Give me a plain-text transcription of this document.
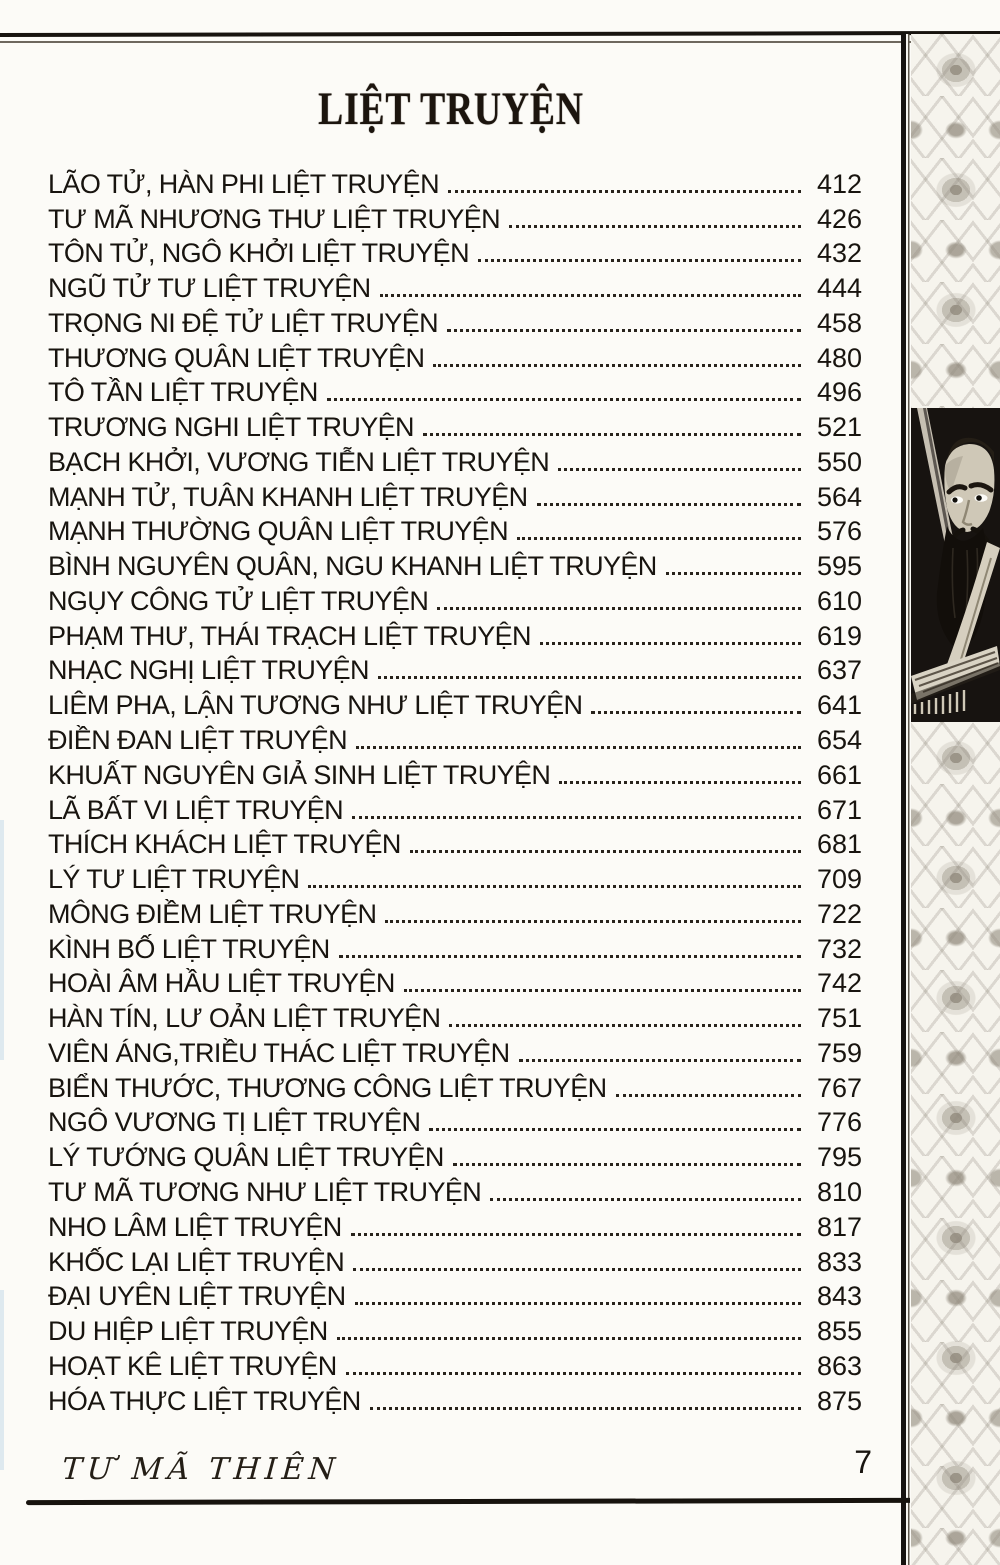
LIỆT TRUYỆN
LÃO TỬ, HÀN PHI LIỆT TRUYỆN	412
TƯ MÃ NHƯƠNG THƯ LIỆT TRUYỆN	426
TÔN TỬ, NGÔ KHỞI LIỆT TRUYỆN	432
NGŨ TỬ TƯ LIỆT TRUYỆN	444
TRỌNG NI ĐỆ TỬ LIỆT TRUYỆN	458
THƯƠNG QUÂN LIỆT TRUYỆN	480
TÔ TẦN LIỆT TRUYỆN	496
TRƯƠNG NGHI LIỆT TRUYỆN	521
BẠCH KHỞI, VƯƠNG TIỄN LIỆT TRUYỆN	550
MẠNH TỬ, TUÂN KHANH LIỆT TRUYỆN	564
MẠNH THƯỜNG QUÂN LIỆT TRUYỆN	576
BÌNH NGUYÊN QUÂN, NGU KHANH LIỆT TRUYỆN	595
NGỤY CÔNG TỬ LIỆT TRUYỆN	610
PHẠM THƯ, THÁI TRẠCH LIỆT TRUYỆN	619
NHẠC NGHỊ LIỆT TRUYỆN	637
LIÊM PHA, LẬN TƯƠNG NHƯ LIỆT TRUYỆN	641
ĐIỀN ĐAN LIỆT TRUYỆN	654
KHUẤT NGUYÊN GIẢ SINH LIỆT TRUYỆN	661
LÃ BẤT VI LIỆT TRUYỆN	671
THÍCH KHÁCH LIỆT TRUYỆN	681
LÝ TƯ LIỆT TRUYỆN	709
MÔNG ĐIỀM LIỆT TRUYỆN	722
KÌNH BỐ LIỆT TRUYỆN	732
HOÀI ÂM HẦU LIỆT TRUYỆN	742
HÀN TÍN, LƯ OẢN LIỆT TRUYỆN	751
VIÊN ÁNG,TRIỀU THÁC LIỆT TRUYỆN	759
BIỂN THƯỚC, THƯƠNG CÔNG LIỆT TRUYỆN	767
NGÔ VƯƠNG TỊ LIỆT TRUYỆN	776
LÝ TƯỚNG QUÂN LIỆT TRUYỆN	795
TƯ MÃ TƯƠNG NHƯ LIỆT TRUYỆN	810
NHO LÂM LIỆT TRUYỆN	817
KHỐC LẠI LIỆT TRUYỆN	833
ĐẠI UYÊN LIỆT TRUYỆN	843
DU HIỆP LIỆT TRUYỆN	855
HOẠT KÊ LIỆT TRUYỆN	863
HÓA THỰC LIỆT TRUYỆN	875
TƯ MÃ THIÊN	7
